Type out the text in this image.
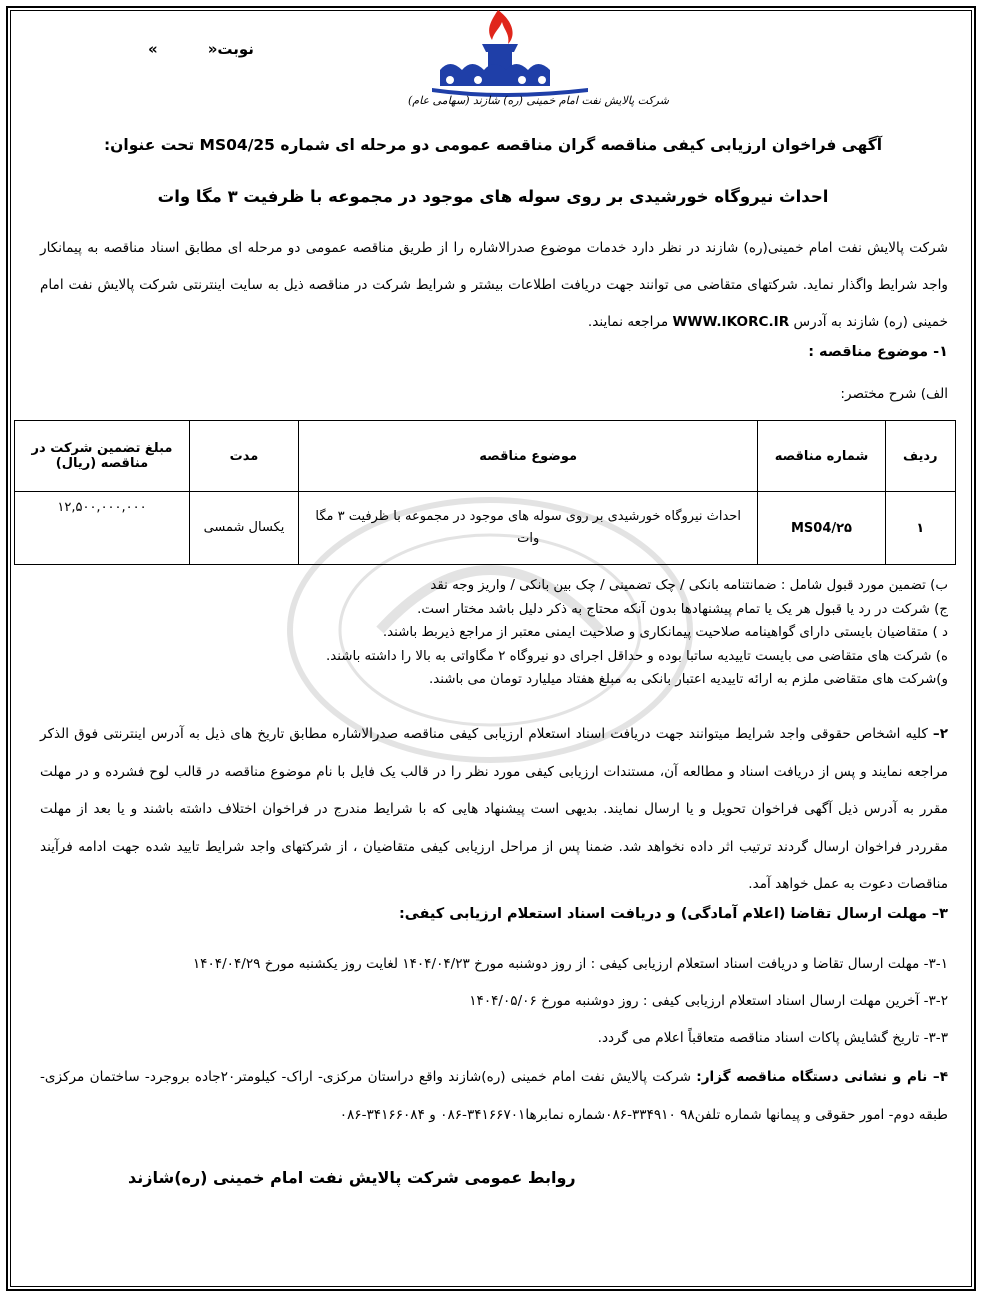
شرکت پالایش نفت امام خمینی (ره) شازند (سهامی عام)
نوبت«
»
آگهی فراخوان ارزیابی کیفی مناقصه گران مناقصه عمومی دو مرحله ای شماره MS04/25 تحت عنوان:
احداث نیروگاه خورشیدی بر روی سوله های موجود در مجموعه با ظرفیت ۳ مگا وات
شرکت پالایش نفت امام خمینی(ره) شازند در نظر دارد خدمات موضوع صدرالاشاره را از طریق مناقصه عمومی دو مرحله ای مطابق اسناد مناقصه به پیمانکار واجد شرایط واگذار نماید. شرکتهای متقاضی می توانند جهت دریافت اطلاعات بیشتر و شرایط شرکت در مناقصه ذیل به سایت اینترنتی شرکت پالایش نفت امام خمینی (ره) شازند به آدرس WWW.IKORC.IR مراجعه نمایند.
۱- موضوع مناقصه :
الف) شرح مختصر:
ردیف	شماره مناقصه	موضوع مناقصه	مدت	مبلغ تضمین شرکت در مناقصه (ریال)
۱	MS04/۲۵	احداث نیروگاه خورشیدی بر روی سوله های موجود در مجموعه با ظرفیت ۳ مگا وات	یکسال شمسی	۱۲,۵۰۰,۰۰۰,۰۰۰
ب) تضمین مورد قبول شامل : ضمانتنامه بانکی / چک تضمینی / چک بین بانکی / واریز وجه نقد
ج) شرکت در رد یا قبول هر یک یا تمام پیشنهادها بدون آنکه محتاج به ذکر دلیل باشد مختار است.
د ) متقاضیان بایستی دارای گواهینامه صلاحیت پیمانکاری و صلاحیت ایمنی معتبر از مراجع ذیربط باشند.
ه) شرکت های متقاضی می بایست تاییدیه ساتبا بوده و حداقل اجرای دو نیروگاه ۲ مگاواتی به بالا را داشته باشند.
و)شرکت های متقاضی ملزم به ارائه تاییدیه اعتبار بانکی به مبلغ هفتاد میلیارد تومان می باشند.
۲– کلیه اشخاص حقوقی واجد شرایط میتوانند جهت دریافت اسناد استعلام ارزیابی کیفی مناقصه صدرالاشاره مطابق تاریخ های ذیل به آدرس اینترنتی فوق الذکر مراجعه نمایند و پس از دریافت اسناد و مطالعه آن، مستندات ارزیابی کیفی مورد نظر را در قالب یک فایل با نام موضوع مناقصه در قالب لوح فشرده و در مهلت مقرر به آدرس ذیل آگهی فراخوان تحویل و یا ارسال نمایند. بدیهی است پیشنهاد هایی که با شرایط مندرج در فراخوان اختلاف داشته باشند و یا بعد از مهلت مقرردر فراخوان ارسال گردند ترتیب اثر داده نخواهد شد. ضمنا پس از مراحل ارزیابی کیفی متقاضیان ، از شرکتهای واجد شرایط تایید شده جهت ادامه فرآیند مناقصات دعوت به عمل خواهد آمد.
۳– مهلت ارسال تقاضا (اعلام آمادگی) و دریافت اسناد استعلام ارزیابی کیفی:
۳-۱- مهلت ارسال تقاضا و دریافت اسناد استعلام ارزیابی کیفی : از روز دوشنبه مورخ ۱۴۰۴/۰۴/۲۳ لغایت روز یکشنبه مورخ ۱۴۰۴/۰۴/۲۹
۳-۲- آخرین مهلت ارسال اسناد استعلام ارزیابی کیفی : روز دوشنبه مورخ ۱۴۰۴/۰۵/۰۶
۳-۳- تاریخ گشایش پاکات اسناد مناقصه متعاقباً اعلام می گردد.
۴– نام و نشانی دستگاه مناقصه گزار: شرکت پالایش نفت امام خمینی (ره)شازند واقع دراستان مرکزی- اراک- کیلومتر۲۰جاده بروجرد- ساختمان مرکزی- طبقه دوم- امور حقوقی و پیمانها شماره تلفن۹۸ ۳۳۴۹۱۰-۰۸۶شماره نمابرها۳۴۱۶۶۷۰۱-۰۸۶ و ۳۴۱۶۶۰۸۴-۰۸۶
روابط عمومی شرکت پالایش نفت امام خمینی (ره)شازند
